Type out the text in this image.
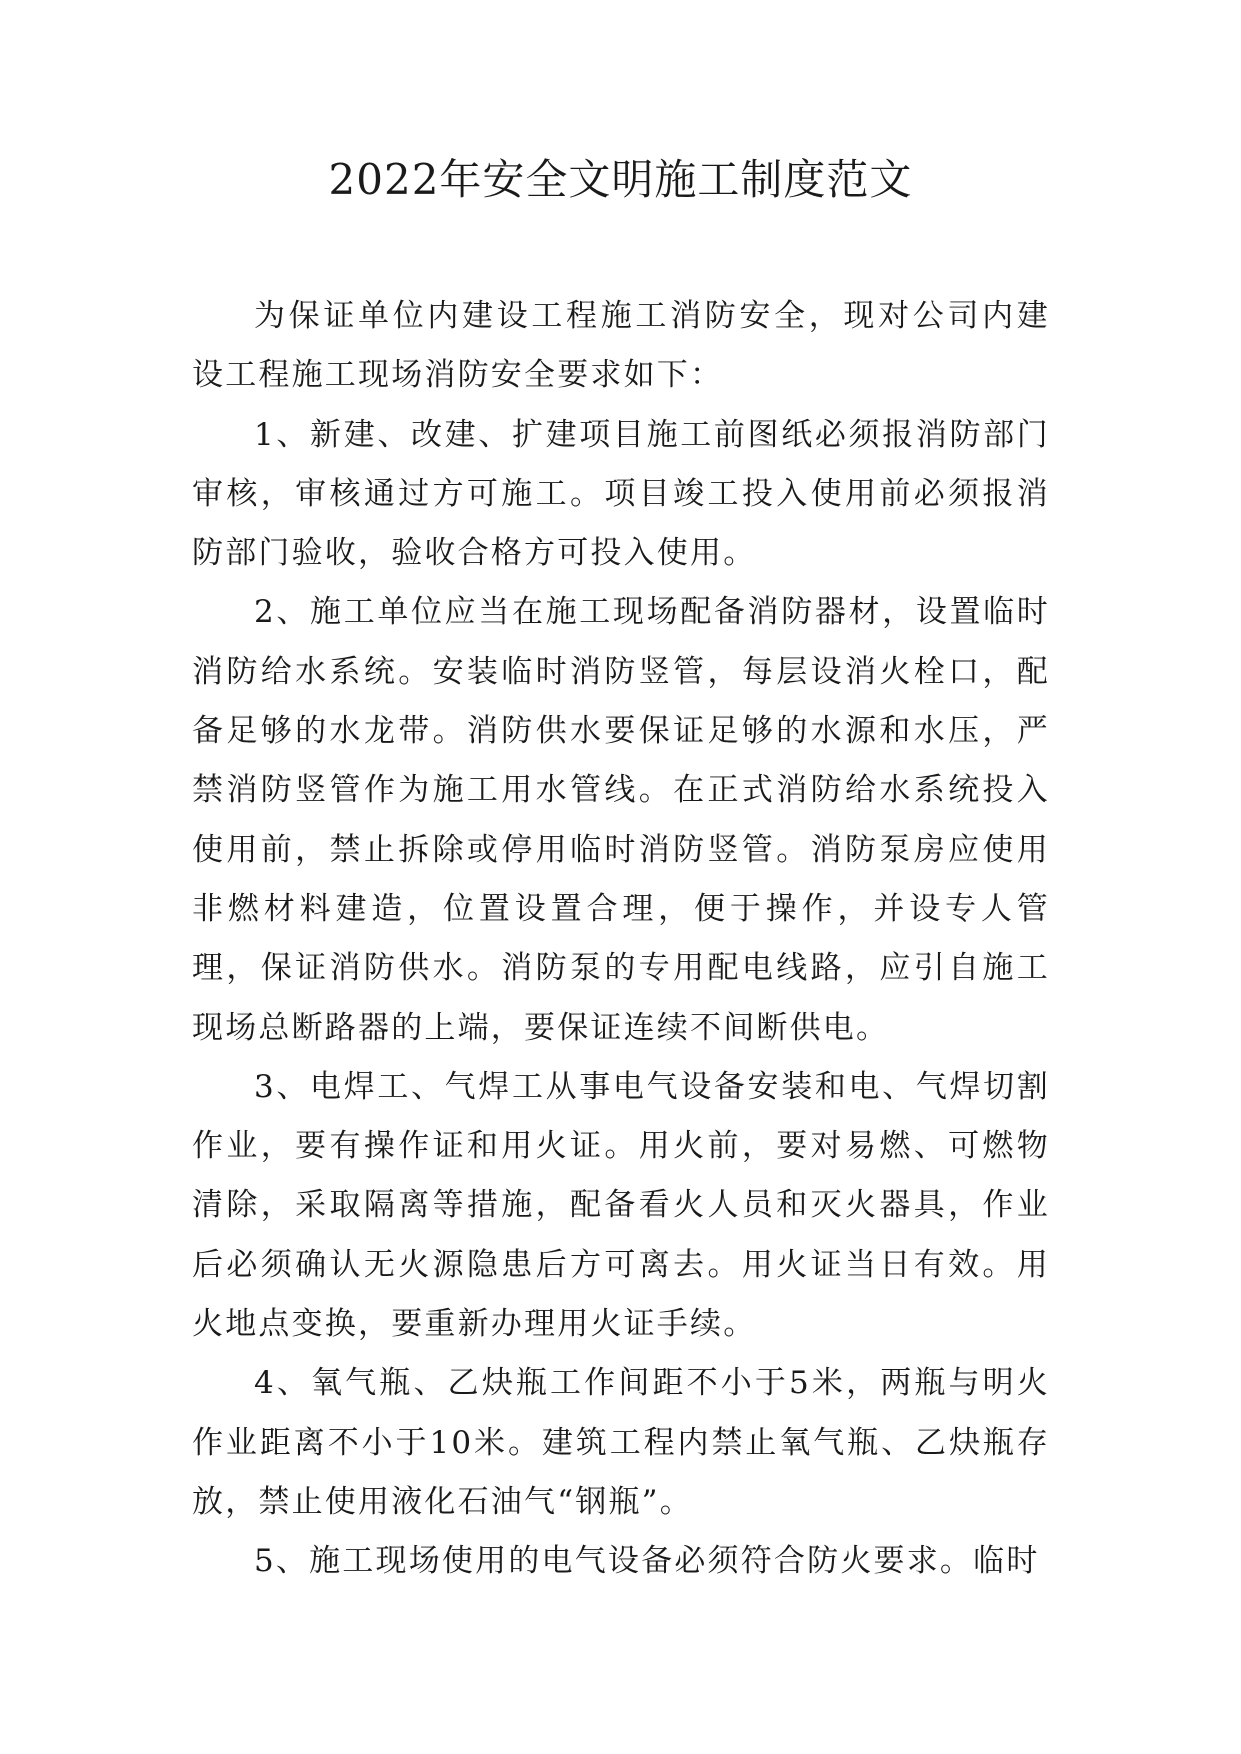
2022年安全文明施工制度范文

为保证单位内建设工程施工消防安全，现对公司内建设工程施工现场消防安全要求如下：

1、新建、改建、扩建项目施工前图纸必须报消防部门审核，审核通过方可施工。项目竣工投入使用前必须报消防部门验收，验收合格方可投入使用。

2、施工单位应当在施工现场配备消防器材，设置临时消防给水系统。安装临时消防竖管，每层设消火栓口，配备足够的水龙带。消防供水要保证足够的水源和水压，严禁消防竖管作为施工用水管线。在正式消防给水系统投入使用前，禁止拆除或停用临时消防竖管。消防泵房应使用非燃材料建造，位置设置合理，便于操作，并设专人管理，保证消防供水。消防泵的专用配电线路，应引自施工现场总断路器的上端，要保证连续不间断供电。

3、电焊工、气焊工从事电气设备安装和电、气焊切割作业，要有操作证和用火证。用火前，要对易燃、可燃物清除，采取隔离等措施，配备看火人员和灭火器具，作业后必须确认无火源隐患后方可离去。用火证当日有效。用火地点变换，要重新办理用火证手续。

4、氧气瓶、乙炔瓶工作间距不小于5米，两瓶与明火作业距离不小于10米。建筑工程内禁止氧气瓶、乙炔瓶存放，禁止使用液化石油气“钢瓶”。

5、施工现场使用的电气设备必须符合防火要求。临时
